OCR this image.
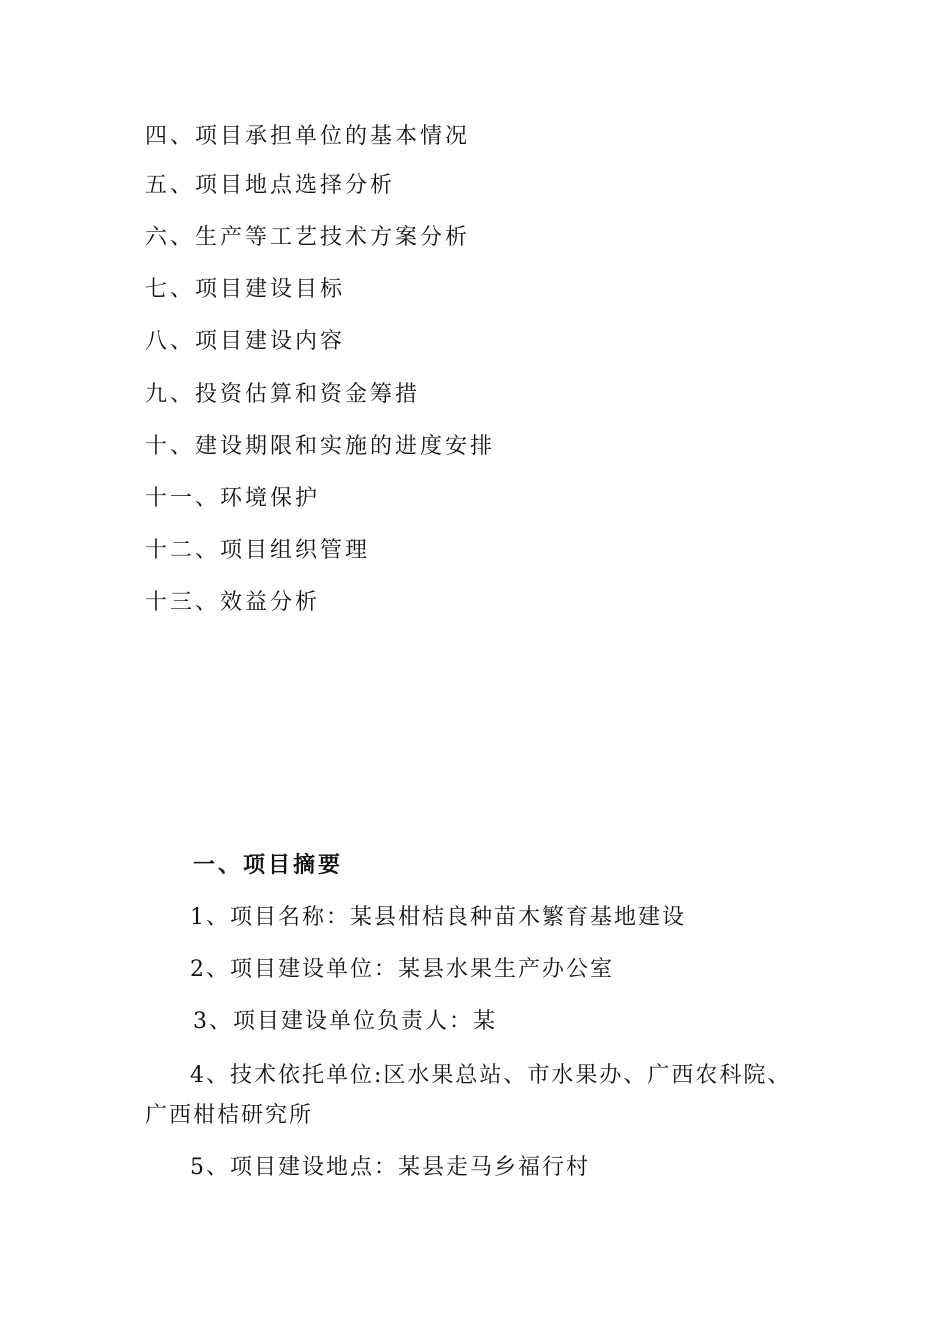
四、项目承担单位的基本情况
五、项目地点选择分析
六、生产等工艺技术方案分析
七、项目建设目标
八、项目建设内容
九、投资估算和资金筹措
十、建设期限和实施的进度安排
十一、环境保护
十二、项目组织管理
十三、效益分析
一、项目摘要
1、项目名称：某县柑桔良种苗木繁育基地建设
2、项目建设单位：某县水果生产办公室
3、项目建设单位负责人：某
4、技术依托单位:区水果总站、市水果办、广西农科院、广西柑桔研究所
5、项目建设地点：某县走马乡福行村
